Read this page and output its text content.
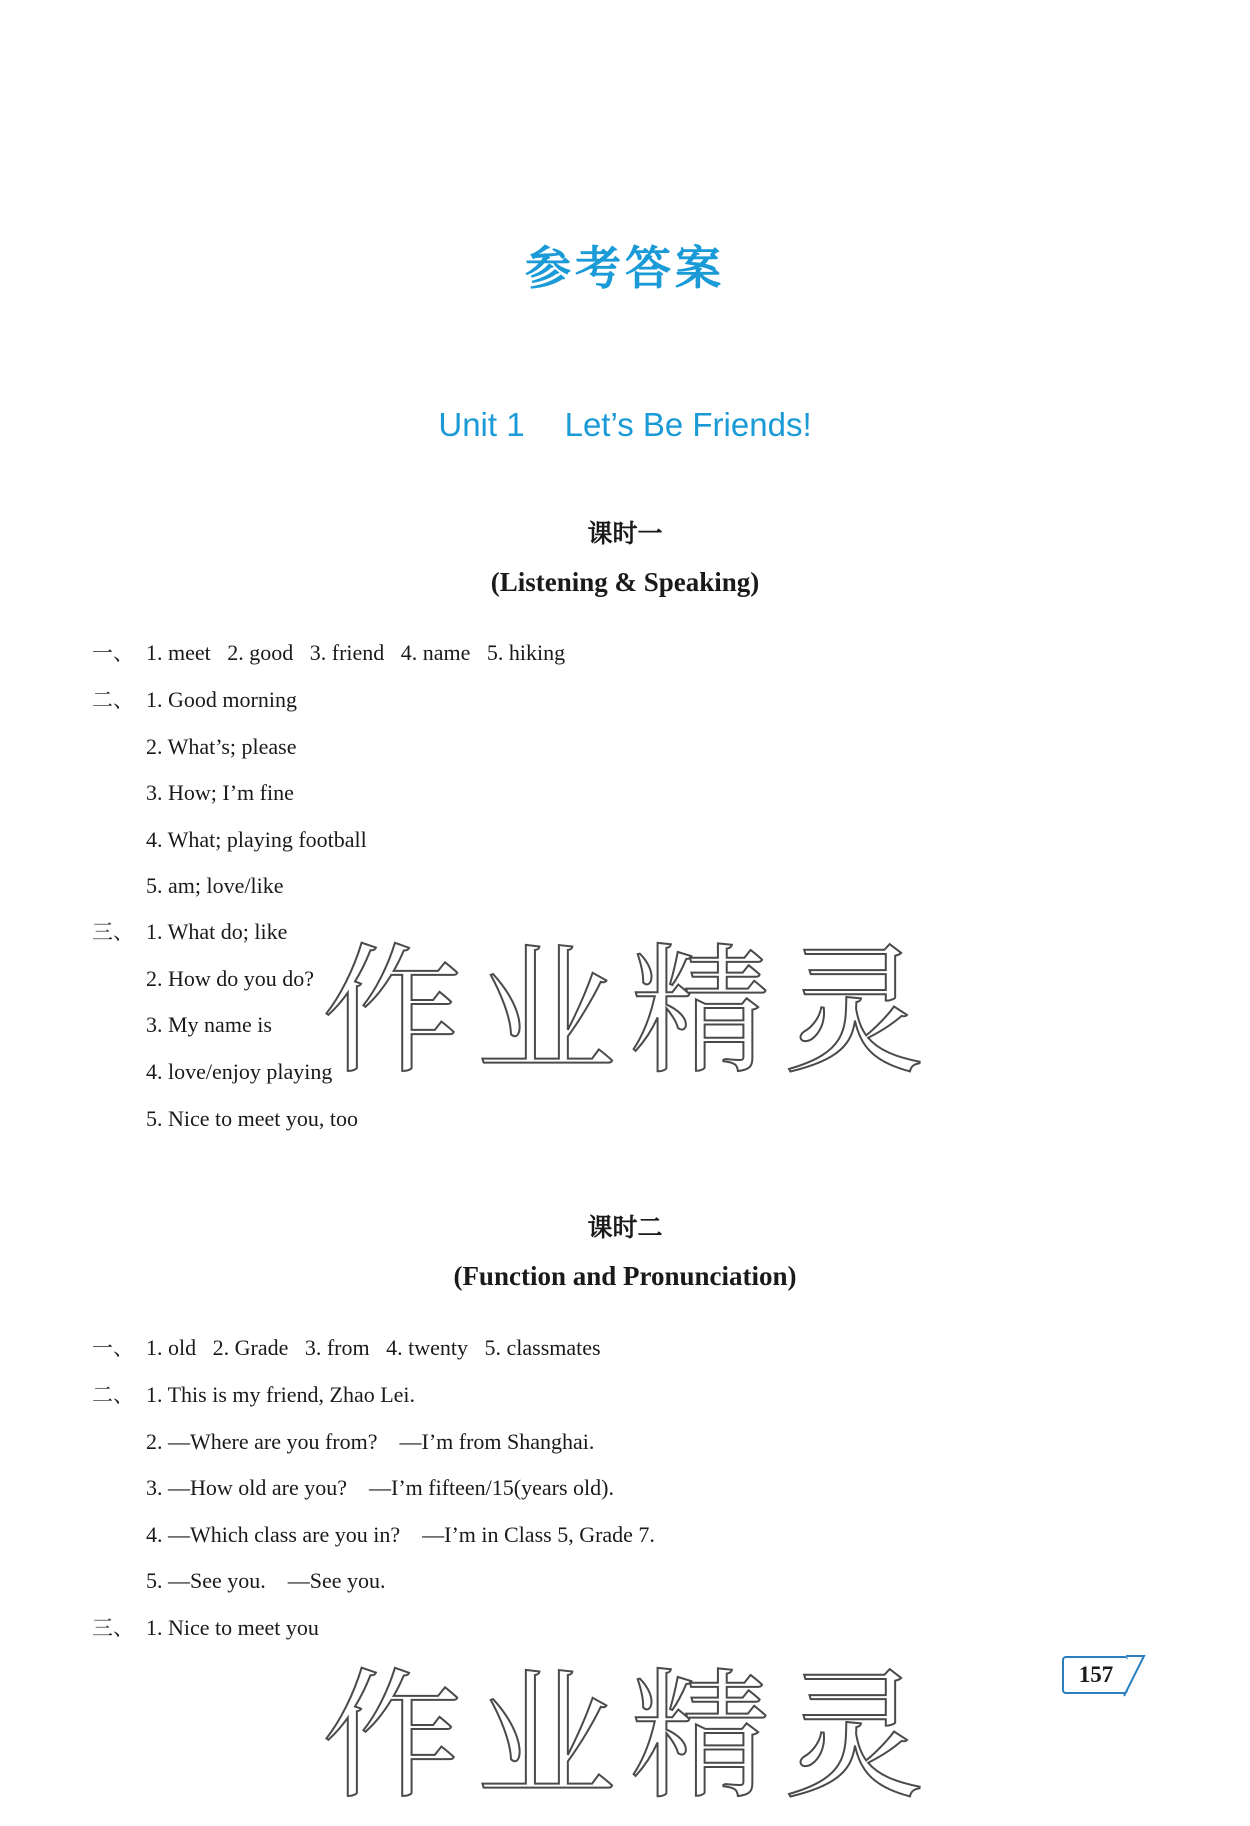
参考答案
Unit 1 Let’s Be Friends!
课时一
(Listening & Speaking)
一、 1. meet   2. good   3. friend   4. name   5. hiking
二、 1. Good morning
2. What’s; please
3. How; I’m fine
4. What; playing football
5. am; love/like
三、 1. What do; like
2. How do you do?
3. My name is
4. love/enjoy playing
5. Nice to meet you, too
课时二
(Function and Pronunciation)
一、 1. old   2. Grade   3. from   4. twenty   5. classmates
二、 1. This is my friend, Zhao Lei.
2. —Where are you from?    —I’m from Shanghai.
3. —How old are you?    —I’m fifteen/15(years old).
4. —Which class are you in?    —I’m in Class 5, Grade 7.
5. —See you.    —See you.
三、 1. Nice to meet you
作业精灵
作业精灵	157
